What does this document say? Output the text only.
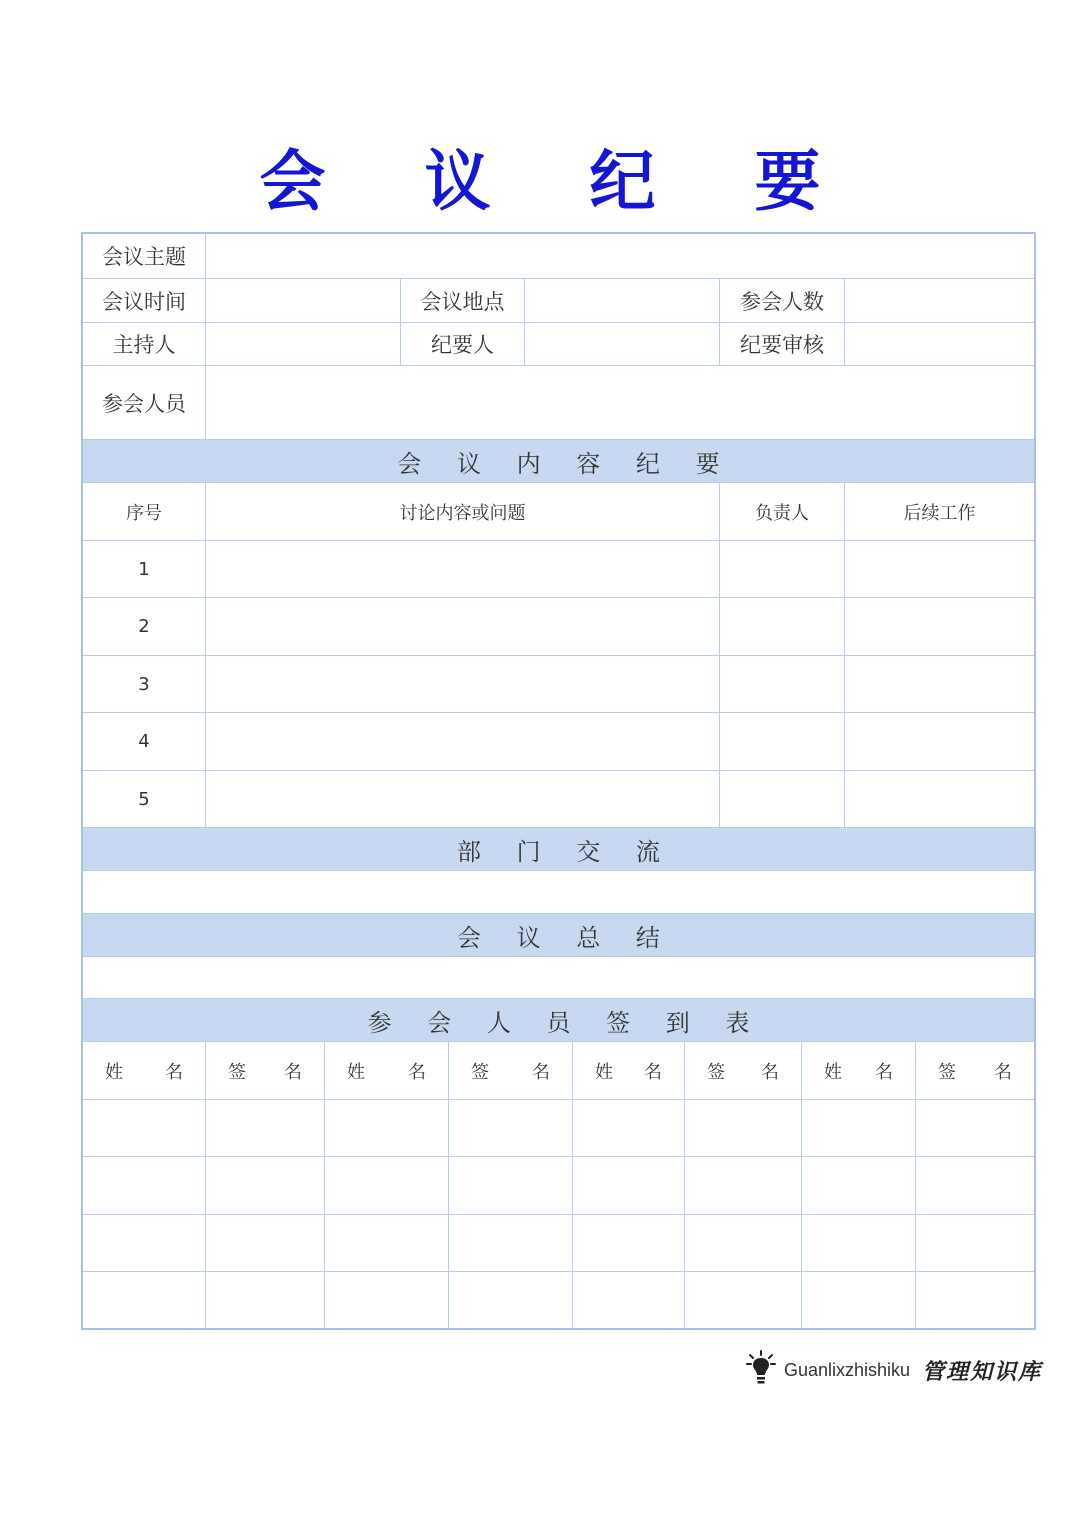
会 议 纪 要
会议主题
会议时间	会议地点	参会人数
主持人	纪要人	纪要审核
参会人员
会 议 内 容 纪 要
序号	讨论内容或问题	负责人	后续工作
1
2
3
4
5
部 门 交 流
会 议 总 结
参 会 人 员 签 到 表
姓 名	签 名	姓 名	签 名	姓 名	签 名	姓 名	签 名
Guanlixzhishiku 管理知识库
